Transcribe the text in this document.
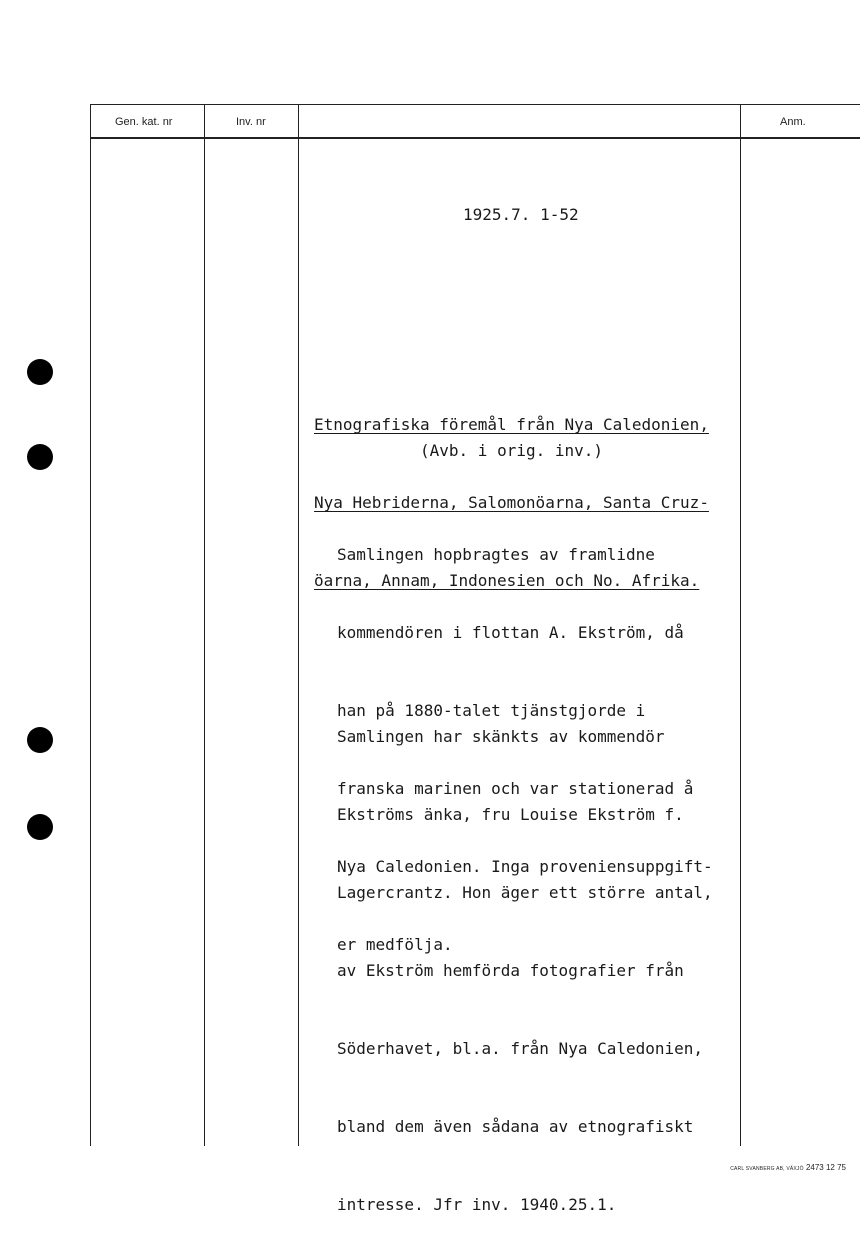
Gen. kat. nr	Inv. nr	Anm.
1925.7. 1-52

Etnografiska föremål från Nya Caledonien,

Nya Hebriderna, Salomonöarna, Santa Cruz-

öarna, Annam, Indonesien och No. Afrika.

(Avb. i orig. inv.)

Samlingen hopbragtes av framlidne

kommendören i flottan A. Ekström, då

han på 1880-talet tjänstgjorde i

franska marinen och var stationerad å

Nya Caledonien. Inga proveniensuppgift-

er medfölja.

Samlingen har skänkts av kommendör

Ekströms änka, fru Louise Ekström f.

Lagercrantz. Hon äger ett större antal,

av Ekström hemförda fotografier från

Söderhavet, bl.a. från Nya Caledonien,

bland dem även sådana av etnografiskt

intresse. Jfr inv. 1940.25.1.

CARL SVANBERG AB, VÄXJÖ 2473 12 75
